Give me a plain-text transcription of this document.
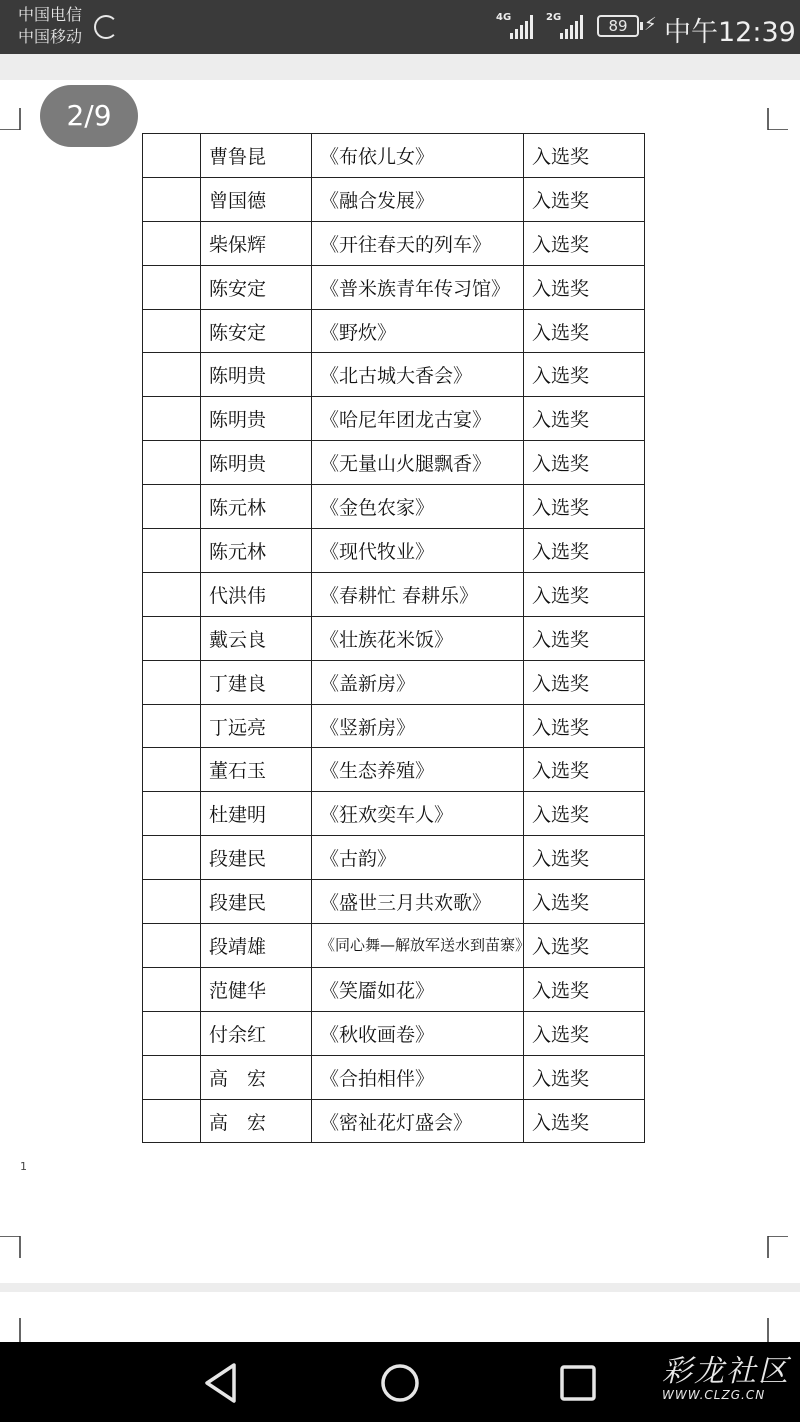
中国电信
中国移动
4G	2G	89 ⚡ 中午12:39
2/9
	曹鲁昆	《布依儿女》	入选奖
	曾国德	《融合发展》	入选奖
	柴保辉	《开往春天的列车》	入选奖
	陈安定	《普米族青年传习馆》	入选奖
	陈安定	《野炊》	入选奖
	陈明贵	《北古城大香会》	入选奖
	陈明贵	《哈尼年团龙古宴》	入选奖
	陈明贵	《无量山火腿飘香》	入选奖
	陈元林	《金色农家》	入选奖
	陈元林	《现代牧业》	入选奖
	代洪伟	《春耕忙 春耕乐》	入选奖
	戴云良	《壮族花米饭》	入选奖
	丁建良	《盖新房》	入选奖
	丁远亮	《竖新房》	入选奖
	董石玉	《生态养殖》	入选奖
	杜建明	《狂欢奕车人》	入选奖
	段建民	《古韵》	入选奖
	段建民	《盛世三月共欢歌》	入选奖
	段靖雄	《同心舞—解放军送水到苗寨》	入选奖
	范健华	《笑靥如花》	入选奖
	付余红	《秋收画卷》	入选奖
	高　宏	《合拍相伴》	入选奖
	高　宏	《密祉花灯盛会》	入选奖
1
彩龙社区
WWW.CLZG.CN
